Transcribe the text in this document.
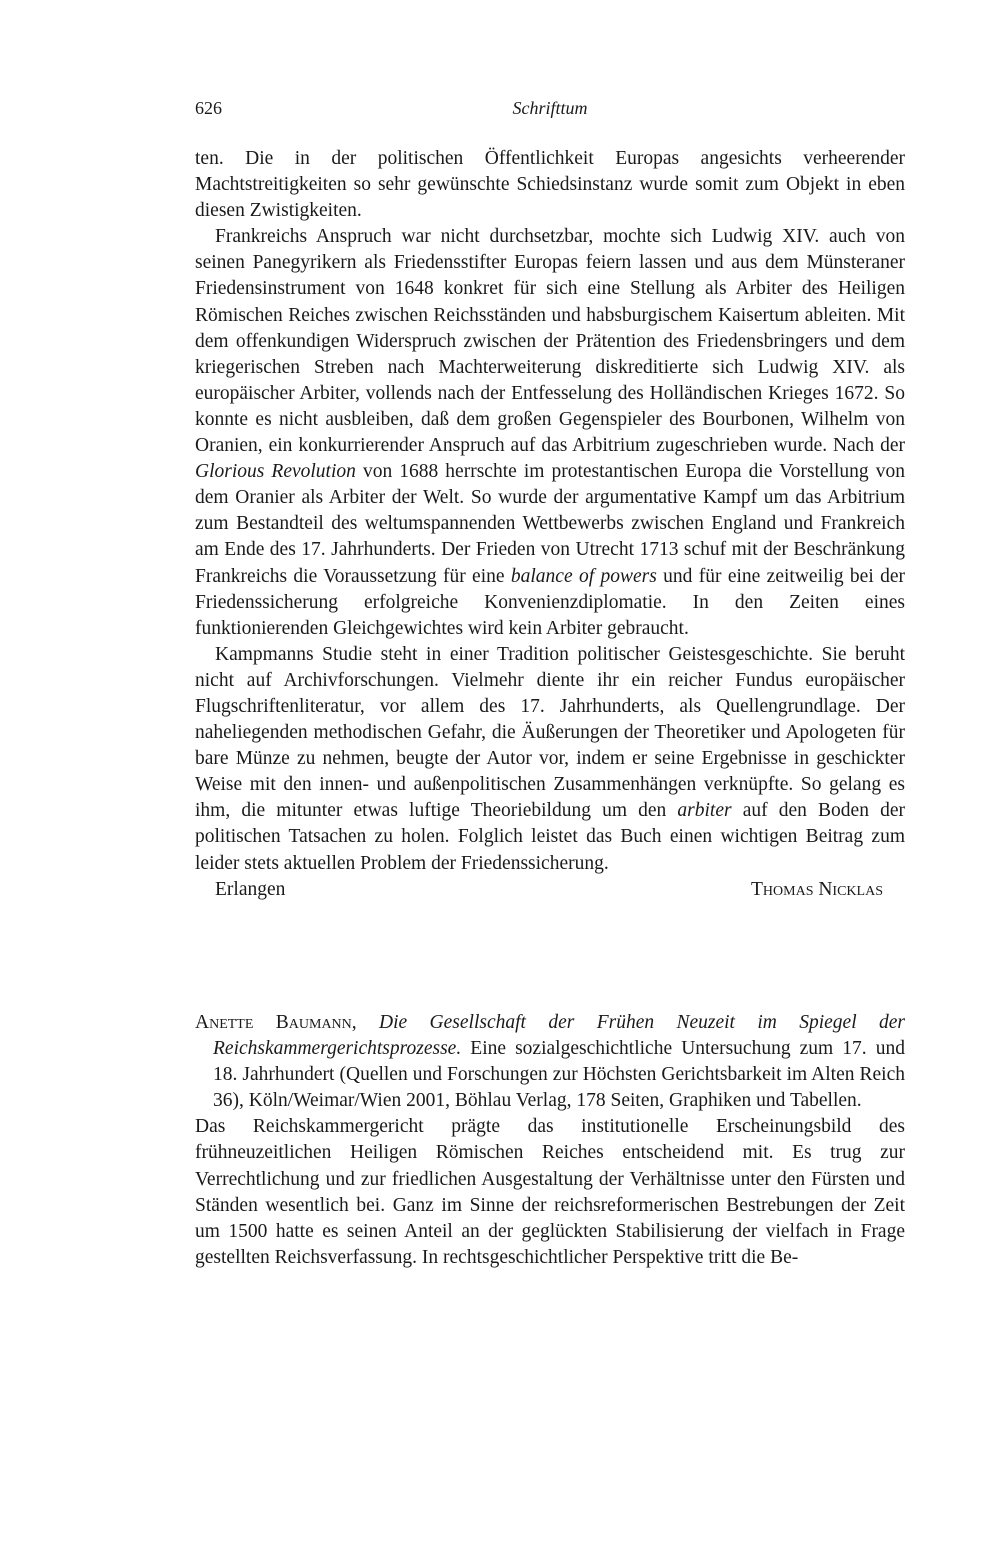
626	Schrifttum

ten. Die in der politischen Öffentlichkeit Europas angesichts verheerender Machtstreitigkeiten so sehr gewünschte Schiedsinstanz wurde somit zum Objekt in eben diesen Zwistigkeiten.

Frankreichs Anspruch war nicht durchsetzbar, mochte sich Ludwig XIV. auch von seinen Panegyrikern als Friedensstifter Europas feiern lassen und aus dem Münsteraner Friedensinstrument von 1648 konkret für sich eine Stellung als Arbiter des Heiligen Römischen Reiches zwischen Reichsständen und habsburgischem Kaisertum ableiten. Mit dem offenkundigen Widerspruch zwischen der Prätention des Friedensbringers und dem kriegerischen Streben nach Machterweiterung diskreditierte sich Ludwig XIV. als europäischer Arbiter, vollends nach der Entfesselung des Holländischen Krieges 1672. So konnte es nicht ausbleiben, daß dem großen Gegenspieler des Bourbonen, Wilhelm von Oranien, ein konkurrierender Anspruch auf das Arbitrium zugeschrieben wurde. Nach der Glorious Revolution von 1688 herrschte im protestantischen Europa die Vorstellung von dem Oranier als Arbiter der Welt. So wurde der argumentative Kampf um das Arbitrium zum Bestandteil des weltumspannenden Wettbewerbs zwischen England und Frankreich am Ende des 17. Jahrhunderts. Der Frieden von Utrecht 1713 schuf mit der Beschränkung Frankreichs die Voraussetzung für eine balance of powers und für eine zeitweilig bei der Friedenssicherung erfolgreiche Konvenienzdiplomatie. In den Zeiten eines funktionierenden Gleichgewichtes wird kein Arbiter gebraucht.

Kampmanns Studie steht in einer Tradition politischer Geistesgeschichte. Sie beruht nicht auf Archivforschungen. Vielmehr diente ihr ein reicher Fundus europäischer Flugschriftenliteratur, vor allem des 17. Jahrhunderts, als Quellengrundlage. Der naheliegenden methodischen Gefahr, die Äußerungen der Theoretiker und Apologeten für bare Münze zu nehmen, beugte der Autor vor, indem er seine Ergebnisse in geschickter Weise mit den innen- und außenpolitischen Zusammenhängen verknüpfte. So gelang es ihm, die mitunter etwas luftige Theoriebildung um den arbiter auf den Boden der politischen Tatsachen zu holen. Folglich leistet das Buch einen wichtigen Beitrag zum leider stets aktuellen Problem der Friedenssicherung.

Erlangen	Thomas Nicklas

Anette Baumann, Die Gesellschaft der Frühen Neuzeit im Spiegel der Reichskammergerichtsprozesse. Eine sozialgeschichtliche Untersuchung zum 17. und 18. Jahrhundert (Quellen und Forschungen zur Höchsten Gerichtsbarkeit im Alten Reich 36), Köln/Weimar/Wien 2001, Böhlau Verlag, 178 Seiten, Graphiken und Tabellen.

Das Reichskammergericht prägte das institutionelle Erscheinungsbild des frühneuzeitlichen Heiligen Römischen Reiches entscheidend mit. Es trug zur Verrechtlichung und zur friedlichen Ausgestaltung der Verhältnisse unter den Fürsten und Ständen wesentlich bei. Ganz im Sinne der reichsreformerischen Bestrebungen der Zeit um 1500 hatte es seinen Anteil an der geglückten Stabilisierung der vielfach in Frage gestellten Reichsverfassung. In rechtsgeschichtlicher Perspektive tritt die Be-
